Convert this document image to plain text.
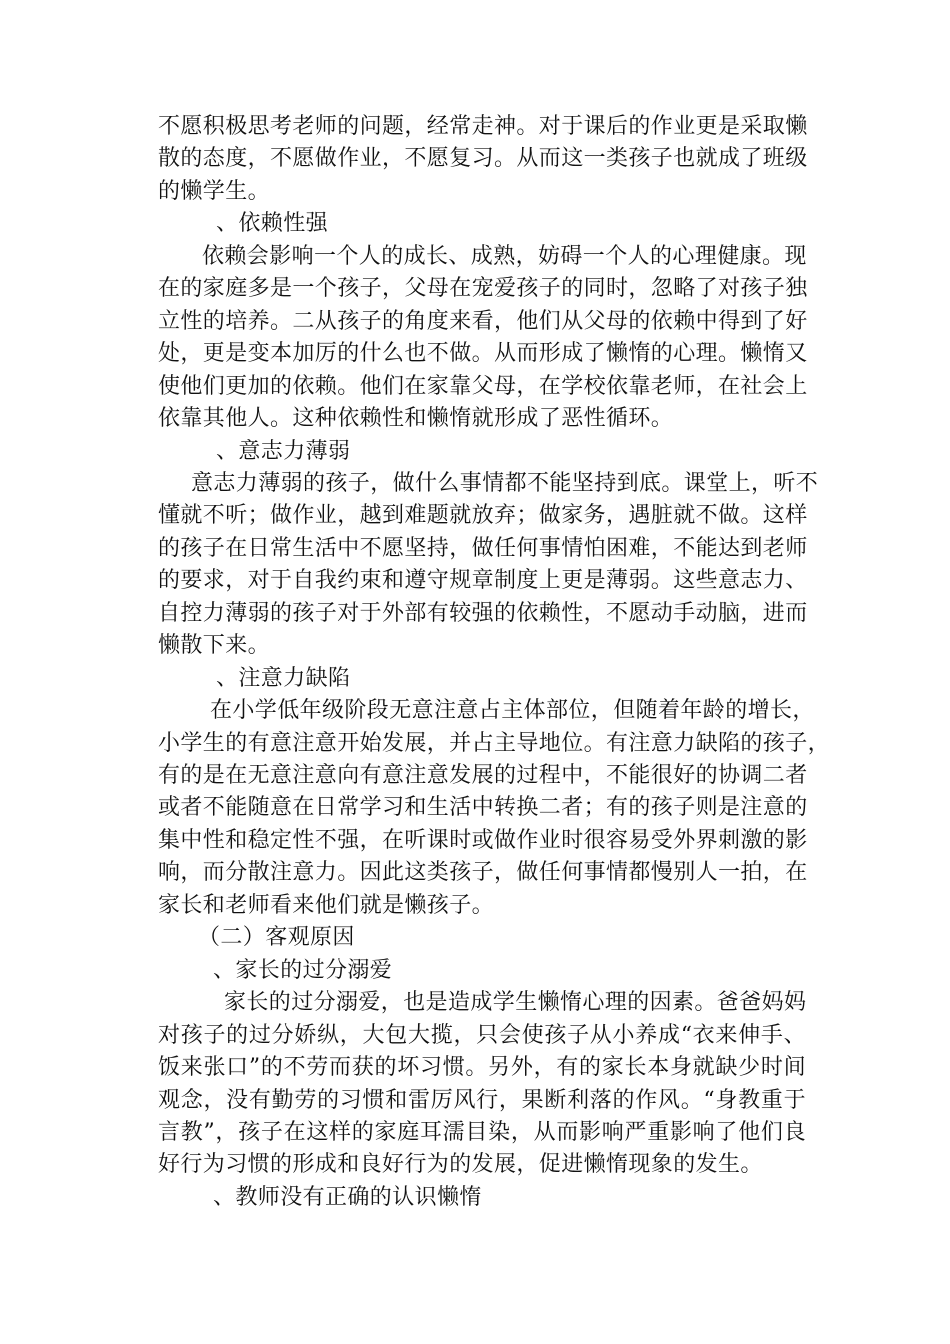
不愿积极思考老师的问题，经常走神。对于课后的作业更是采取懒
散的态度，不愿做作业，不愿复习。从而这一类孩子也就成了班级
的懒学生。
、依赖性强
依赖会影响一个人的成长、成熟，妨碍一个人的心理健康。现
在的家庭多是一个孩子，父母在宠爱孩子的同时，忽略了对孩子独
立性的培养。二从孩子的角度来看，他们从父母的依赖中得到了好
处，更是变本加厉的什么也不做。从而形成了懒惰的心理。懒惰又
使他们更加的依赖。他们在家靠父母，在学校依靠老师，在社会上
依靠其他人。这种依赖性和懒惰就形成了恶性循环。
、意志力薄弱
意志力薄弱的孩子，做什么事情都不能坚持到底。课堂上，听不
懂就不听；做作业，越到难题就放弃；做家务，遇脏就不做。这样
的孩子在日常生活中不愿坚持，做任何事情怕困难，不能达到老师
的要求，对于自我约束和遵守规章制度上更是薄弱。这些意志力、
自控力薄弱的孩子对于外部有较强的依赖性，不愿动手动脑，进而
懒散下来。
、注意力缺陷
在小学低年级阶段无意注意占主体部位，但随着年龄的增长，
小学生的有意注意开始发展，并占主导地位。有注意力缺陷的孩子，
有的是在无意注意向有意注意发展的过程中，不能很好的协调二者
或者不能随意在日常学习和生活中转换二者；有的孩子则是注意的
集中性和稳定性不强，在听课时或做作业时很容易受外界刺激的影
响，而分散注意力。因此这类孩子，做任何事情都慢别人一拍，在
家长和老师看来他们就是懒孩子。
（二）客观原因
、家长的过分溺爱
家长的过分溺爱，也是造成学生懒惰心理的因素。爸爸妈妈
对孩子的过分娇纵，大包大揽，只会使孩子从小养成“衣来伸手、
饭来张口”的不劳而获的坏习惯。另外，有的家长本身就缺少时间
观念，没有勤劳的习惯和雷厉风行，果断利落的作风。“身教重于
言教”，孩子在这样的家庭耳濡目染，从而影响严重影响了他们良
好行为习惯的形成和良好行为的发展，促进懒惰现象的发生。
、教师没有正确的认识懒惰
